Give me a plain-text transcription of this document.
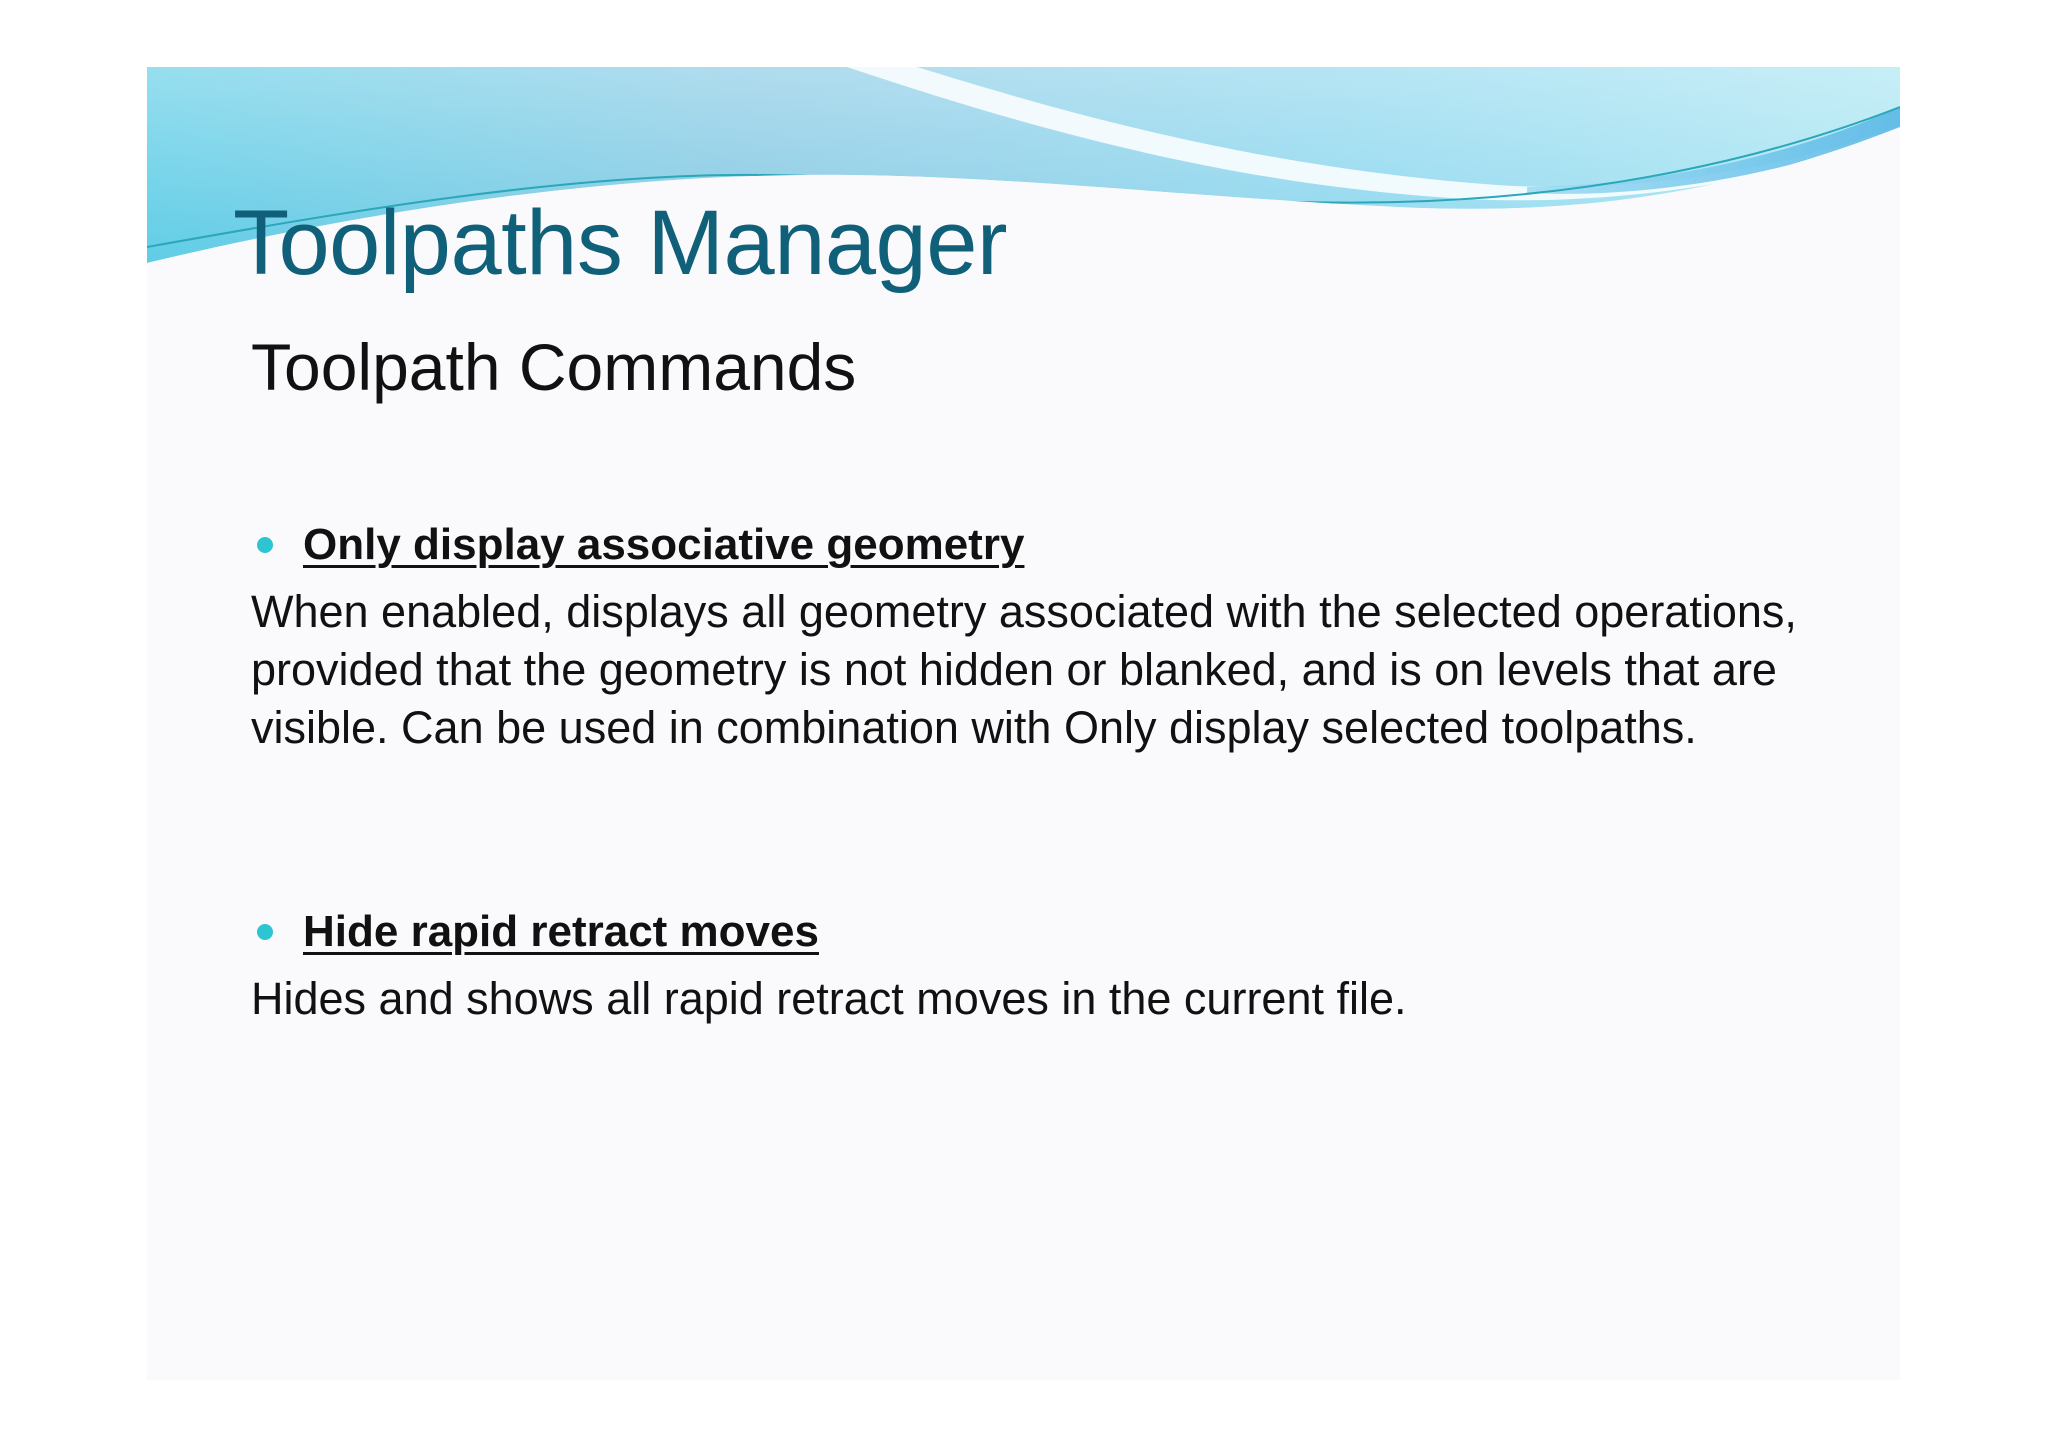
Toolpaths Manager
Toolpath Commands
Only display associative geometry

When enabled, displays all geometry associated with the selected operations, provided that the geometry is not hidden or blanked, and is on levels that are visible. Can be used in combination with Only display selected toolpaths.

Hide rapid retract moves

Hides and shows all rapid retract moves in the current file.
